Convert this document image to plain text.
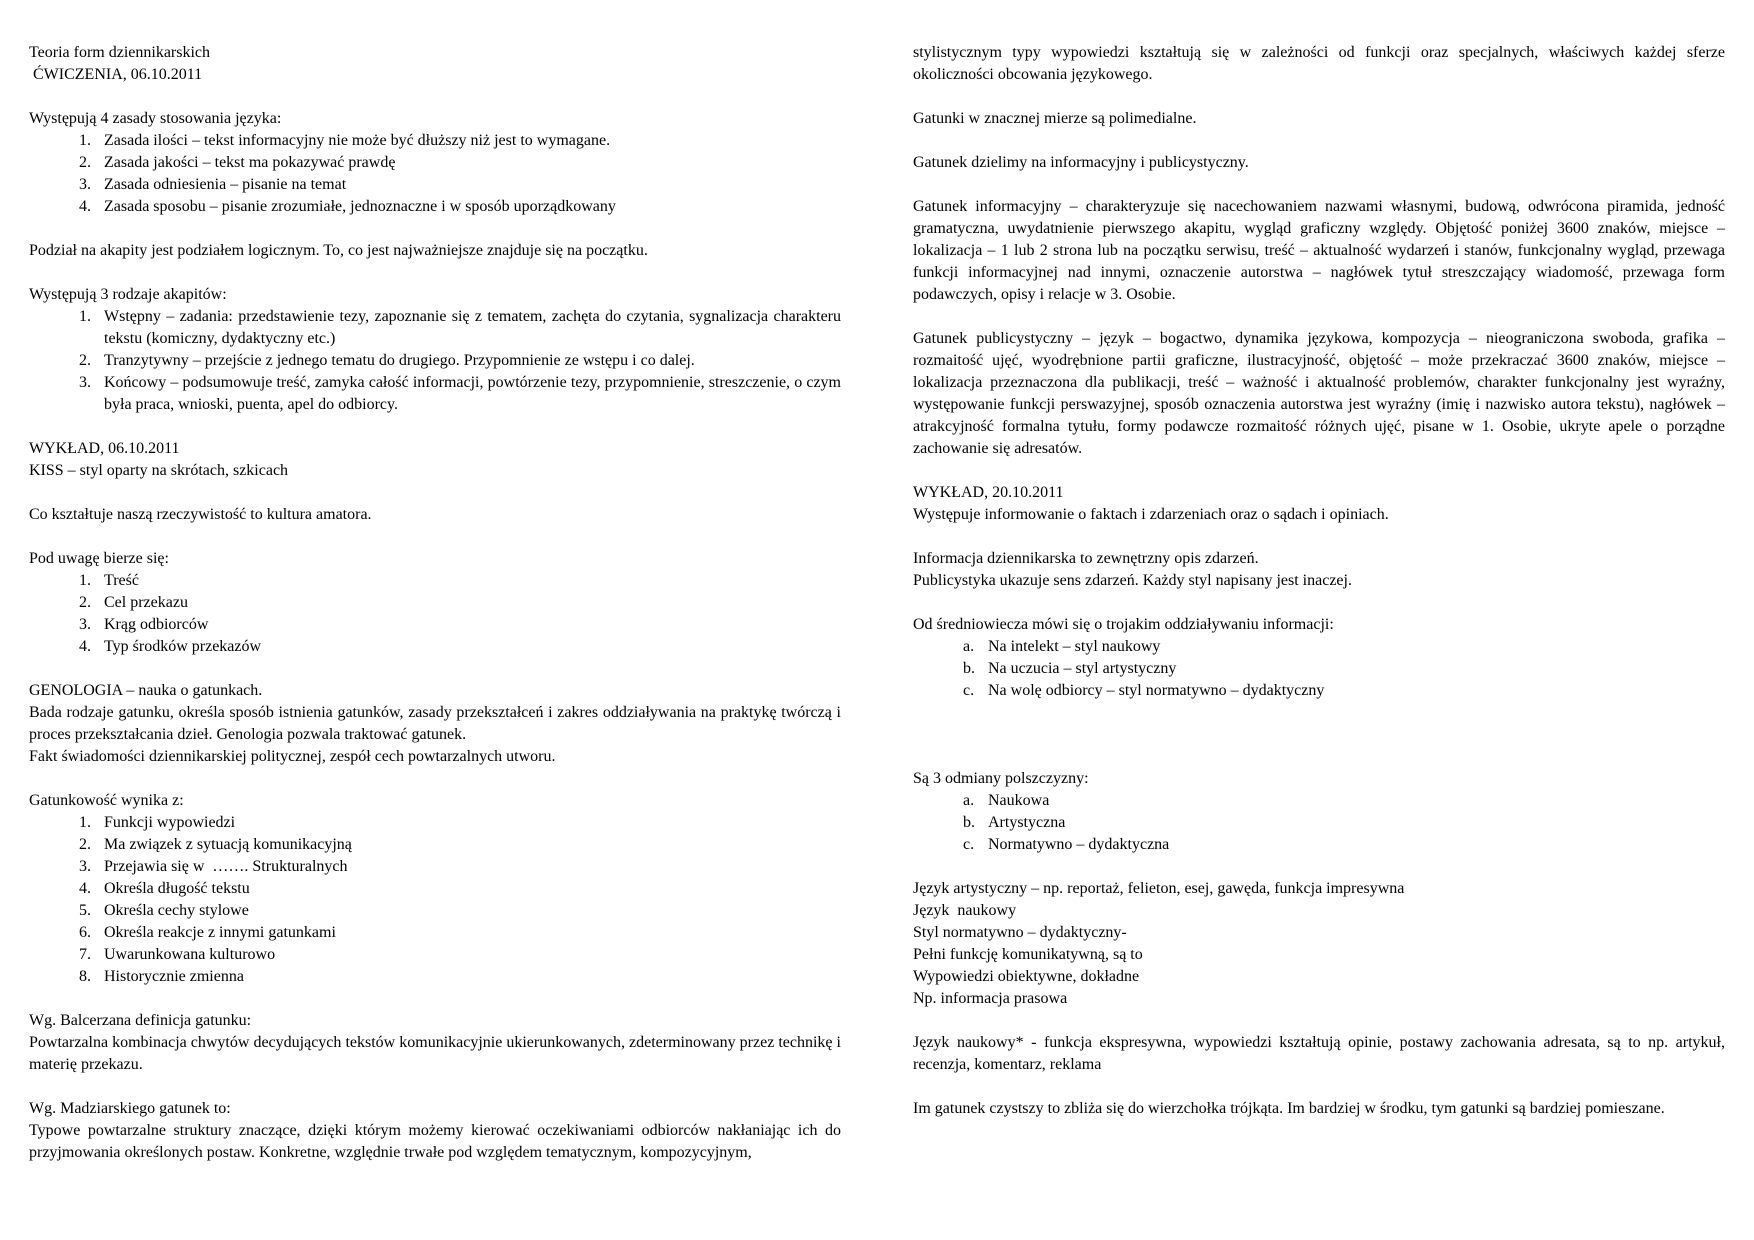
Teoria form dziennikarskich

ĆWICZENIA, 06.10.2011

Występują 4 zasady stosowania języka:

1. Zasada ilości – tekst informacyjny nie może być dłuższy niż jest to wymagane.
2. Zasada jakości – tekst ma pokazywać prawdę
3. Zasada odniesienia – pisanie na temat
4. Zasada sposobu – pisanie zrozumiałe, jednoznaczne i w sposób uporządkowany

Podział na akapity jest podziałem logicznym. To, co jest najważniejsze znajduje się na początku.

Występują 3 rodzaje akapitów:

1. Wstępny – zadania: przedstawienie tezy, zapoznanie się z tematem, zachęta do czytania, sygnalizacja charakteru tekstu (komiczny, dydaktyczny etc.)
2. Tranzytywny – przejście z jednego tematu do drugiego. Przypomnienie ze wstępu i co dalej.
3. Końcowy – podsumowuje treść, zamyka całość informacji, powtórzenie tezy, przypomnienie, streszczenie, o czym była praca, wnioski, puenta, apel do odbiorcy.

WYKŁAD, 06.10.2011

KISS – styl oparty na skrótach, szkicach

Co kształtuje naszą rzeczywistość to kultura amatora.

Pod uwagę bierze się:

1. Treść
2. Cel przekazu
3. Krąg odbiorców
4. Typ środków przekazów

GENOLOGIA – nauka o gatunkach.

Bada rodzaje gatunku, określa sposób istnienia gatunków, zasady przekształceń i zakres oddziaływania na praktykę twórczą i proces przekształcania dzieł. Genologia pozwala traktować gatunek.

Fakt świadomości dziennikarskiej politycznej, zespół cech powtarzalnych utworu.

Gatunkowość wynika z:

1. Funkcji wypowiedzi
2. Ma związek z sytuacją komunikacyjną
3. Przejawia się w  ……. Strukturalnych
4. Określa długość tekstu
5. Określa cechy stylowe
6. Określa reakcje z innymi gatunkami
7. Uwarunkowana kulturowo
8. Historycznie zmienna

Wg. Balcerzana definicja gatunku:

Powtarzalna kombinacja chwytów decydujących tekstów komunikacyjnie ukierunkowanych, zdeterminowany przez technikę i materię przekazu.

Wg. Madziarskiego gatunek to:

Typowe powtarzalne struktury znaczące, dzięki którym możemy kierować oczekiwaniami odbiorców nakłaniając ich do przyjmowania określonych postaw. Konkretne, względnie trwałe pod względem tematycznym, kompozycyjnym,

stylistycznym typy wypowiedzi kształtują się w zależności od funkcji oraz specjalnych, właściwych każdej sferze okoliczności obcowania językowego.

Gatunki w znacznej mierze są polimedialne.

Gatunek dzielimy na informacyjny i publicystyczny.

Gatunek informacyjny – charakteryzuje się nacechowaniem nazwami własnymi, budową, odwrócona piramida, jedność gramatyczna, uwydatnienie pierwszego akapitu, wygląd graficzny względy. Objętość poniżej 3600 znaków, miejsce – lokalizacja – 1 lub 2 strona lub na początku serwisu, treść – aktualność wydarzeń i stanów, funkcjonalny wygląd, przewaga funkcji informacyjnej nad innymi, oznaczenie autorstwa – nagłówek tytuł streszczający wiadomość, przewaga form podawczych, opisy i relacje w 3. Osobie.

Gatunek publicystyczny – język – bogactwo, dynamika językowa, kompozycja – nieograniczona swoboda, grafika – rozmaitość ujęć, wyodrębnione partii graficzne, ilustracyjność, objętość – może przekraczać 3600 znaków, miejsce – lokalizacja przeznaczona dla publikacji, treść – ważność i aktualność problemów, charakter funkcjonalny jest wyraźny, występowanie funkcji perswazyjnej, sposób oznaczenia autorstwa jest wyraźny (imię i nazwisko autora tekstu), nagłówek – atrakcyjność formalna tytułu, formy podawcze rozmaitość różnych ujęć, pisane w 1. Osobie, ukryte apele o porządne zachowanie się adresatów.

WYKŁAD, 20.10.2011

Występuje informowanie o faktach i zdarzeniach oraz o sądach i opiniach.

Informacja dziennikarska to zewnętrzny opis zdarzeń.

Publicystyka ukazuje sens zdarzeń. Każdy styl napisany jest inaczej.

Od średniowiecza mówi się o trojakim oddziaływaniu informacji:

a. Na intelekt – styl naukowy
b. Na uczucia – styl artystyczny
c. Na wolę odbiorcy – styl normatywno – dydaktyczny

Są 3 odmiany polszczyzny:

a. Naukowa
b. Artystyczna
c. Normatywno – dydaktyczna

Język artystyczny – np. reportaż, felieton, esej, gawęda, funkcja impresywna

Język  naukowy

Styl normatywno – dydaktyczny-

Pełni funkcję komunikatywną, są to

Wypowiedzi obiektywne, dokładne

Np. informacja prasowa

Język naukowy* - funkcja ekspresywna, wypowiedzi kształtują opinie, postawy zachowania adresata, są to np. artykuł, recenzja, komentarz, reklama

Im gatunek czystszy to zbliża się do wierzchołka trójkąta. Im bardziej w środku, tym gatunki są bardziej pomieszane.
